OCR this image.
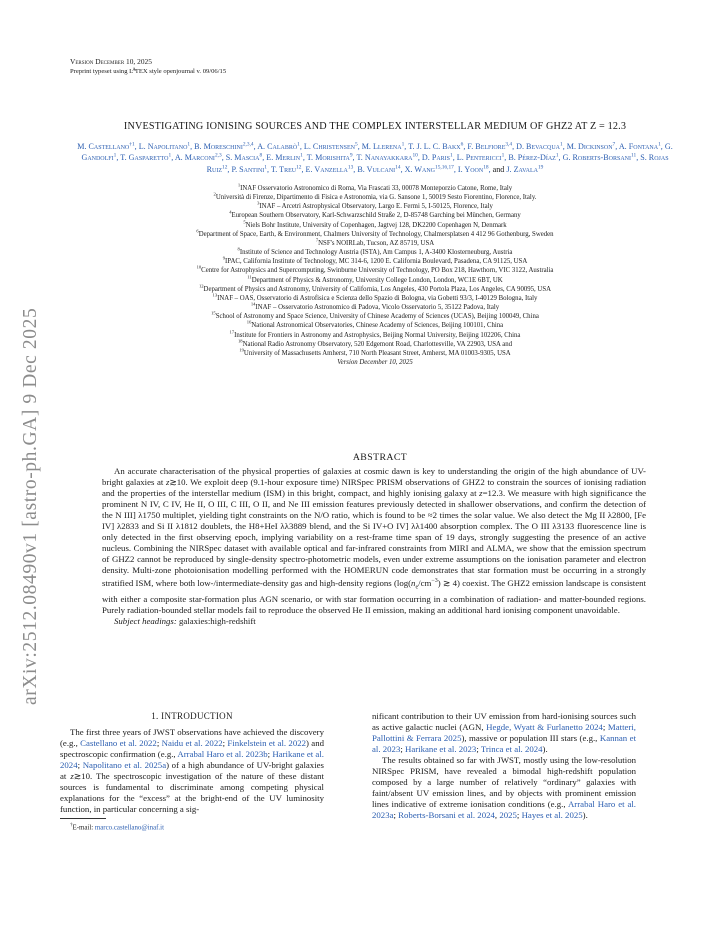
arXiv:2512.08490v1 [astro-ph.GA] 9 Dec 2025
Version December 10, 2025
Preprint typeset using $L^ATEX$ style openjournal v. 09/06/15
INVESTIGATING IONISING SOURCES AND THE COMPLEX INTERSTELLAR MEDIUM OF GHZ2 AT Z = 12.3
M. Castellano$^{\dagger 1}$, L. Napolitano$^1$, B. Moreschini$^{2,3,4}$, A. Calabrò$^1$, L. Christensen$^5$, M. Llerena$^1$, T. J. L. C. Bakx$^6$, F. Belfiore$^{3,4}$, D. Bevacqua$^1$, M. Dickinson$^7$, A. Fontana$^1$, G. Gandolfi$^1$, T. Gasparetto$^1$, A. Marconi$^{2,3}$, S. Mascia$^8$, E. Merlin$^1$, T. Morishita$^9$, T. Nanayakkara$^{10}$, D. Paris$^1$, L. Pentericci$^1$, B. Pérez-Díaz$^1$, G. Roberts-Borsani$^{11}$, S. Rojas Ruiz$^{12}$, P. Santini$^1$, T. Treu$^{12}$, E. Vanzella$^{13}$, B. Vulcani$^{14}$, X. Wang$^{15,16,17}$, I. Yoon$^{18}$, and J. Zavala$^{19}$
$^1$INAF Osservatorio Astronomico di Roma, Via Frascati 33, 00078 Monteporzio Catone, Rome, Italy
$^2$Università di Firenze, Dipartimento di Fisica e Astronomia, via G. Sansone 1, 50019 Sesto Fiorentino, Florence, Italy.
$^3$INAF – Arcetri Astrophysical Observatory, Largo E. Fermi 5, I-50125, Florence, Italy
$^4$European Southern Observatory, Karl-Schwarzschild Straße 2, D-85748 Garching bei München, Germany
$^5$Niels Bohr Institute, University of Copenhagen, Jagtvej 128, DK2200 Copenhagen N, Denmark
$^6$Department of Space, Earth, & Environment, Chalmers University of Technology, Chalmersplatsen 4 412 96 Gothenburg, Sweden
$^7$NSF's NOIRLab, Tucson, AZ 85719, USA
$^8$Institute of Science and Technology Austria (ISTA), Am Campus 1, A-3400 Klosterneuburg, Austria
$^9$IPAC, California Institute of Technology, MC 314-6, 1200 E. California Boulevard, Pasadena, CA 91125, USA
$^{10}$Centre for Astrophysics and Supercomputing, Swinburne University of Technology, PO Box 218, Hawthorn, VIC 3122, Australia
$^{11}$Department of Physics & Astronomy, University College London, London, WC1E 6BT, UK
$^{12}$Department of Physics and Astronomy, University of California, Los Angeles, 430 Portola Plaza, Los Angeles, CA 90095, USA
$^{13}$INAF – OAS, Osservatorio di Astrofisica e Scienza dello Spazio di Bologna, via Gobetti 93/3, I-40129 Bologna, Italy
$^{14}$INAF – Osservatorio Astronomico di Padova, Vicolo Osservatorio 5, 35122 Padova, Italy
$^{15}$School of Astronomy and Space Science, University of Chinese Academy of Sciences (UCAS), Beijing 100049, China
$^{16}$National Astronomical Observatories, Chinese Academy of Sciences, Beijing 100101, China
$^{17}$Institute for Frontiers in Astronomy and Astrophysics, Beijing Normal University, Beijing 102206, China
$^{18}$National Radio Astronomy Observatory, 520 Edgemont Road, Charlottesville, VA 22903, USA and
$^{19}$University of Massachusetts Amherst, 710 North Pleasant Street, Amherst, MA 01003-9305, USA
Version December 10, 2025
ABSTRACT

An accurate characterisation of the physical properties of galaxies at cosmic dawn is key to understanding the origin of the high abundance of UV-bright galaxies at z≳10. We exploit deep (9.1-hour exposure time) NIRSpec PRISM observations of GHZ2 to constrain the sources of ionising radiation and the properties of the interstellar medium (ISM) in this bright, compact, and highly ionising galaxy at z=12.3. We measure with high significance the prominent N IV, C IV, He II, O III, C III, O II, and Ne III emission features previously detected in shallower observations, and confirm the detection of the N III] λ1750 multiplet, yielding tight constraints on the N/O ratio, which is found to be ≈2 times the solar value. We also detect the Mg II λ2800, [Fe IV] λ2833 and Si II λ1812 doublets, the H8+HeI λλ3889 blend, and the Si IV+O IV] λλ1400 absorption complex. The O III λ3133 fluorescence line is only detected in the first observing epoch, implying variability on a rest-frame time span of 19 days, strongly suggesting the presence of an active nucleus. Combining the NIRSpec dataset with available optical and far-infrared constraints from MIRI and ALMA, we show that the emission spectrum of GHZ2 cannot be reproduced by single-density spectro-photometric models, even under extreme assumptions on the ionisation parameter and electron density. Multi-zone photoionisation modelling performed with the HOMERUN code demonstrates that star formation must be occurring in a strongly stratified ISM, where both low-/intermediate-density gas and high-density regions ($\log(n_e/cm^{-3})$ ≳ 4) coexist. The GHZ2 emission landscape is consistent with either a composite star-formation plus AGN scenario, or with star formation occurring in a combination of radiation- and matter-bounded regions. Purely radiation-bounded stellar models fail to reproduce the observed He II emission, making an additional hard ionising component unavoidable.

Subject headings: galaxies:high-redshift

1. INTRODUCTION

The first three years of JWST observations have achieved the discovery (e.g., Castellano et al. 2022; Naidu et al. 2022; Finkelstein et al. 2022) and spectroscopic confirmation (e.g., Arrabal Haro et al. 2023b; Harikane et al. 2024; Napolitano et al. 2025a) of a high abundance of UV-bright galaxies at z≳10. The spectroscopic investigation of the nature of these distant sources is fundamental to discriminate among competing physical explanations for the “excess” at the bright-end of the UV luminosity function, in particular concerning a sig-

nificant contribution to their UV emission from hard-ionising sources such as active galactic nuclei (AGN, Hegde, Wyatt & Furlanetto 2024; Matteri, Pallottini & Ferrara 2025), massive or population III stars (e.g., Kannan et al. 2023; Harikane et al. 2023; Trinca et al. 2024).

The results obtained so far with JWST, mostly using the low-resolution NIRSpec PRISM, have revealed a bimodal high-redshift population composed by a large number of relatively “ordinary” galaxies with faint/absent UV emission lines, and by objects with prominent emission lines indicative of extreme ionisation conditions (e.g., Arrabal Haro et al. 2023a; Roberts-Borsani et al. 2024, 2025; Hayes et al. 2025).

†E-mail: marco.castellano@inaf.it
